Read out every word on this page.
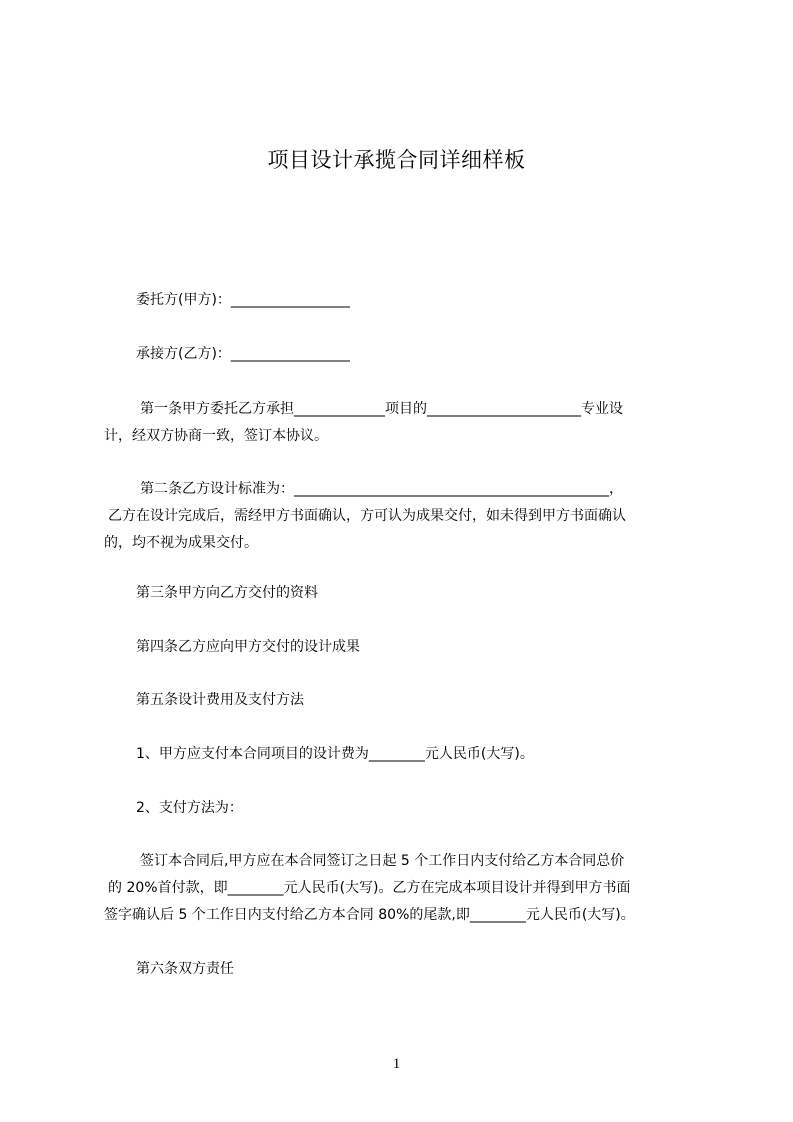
项目设计承揽合同详细样板
委托方(甲方)：_________________
承接方(乙方)：_________________
第一条甲方委托乙方承担_____________项目的______________________专业设
计，经双方协商一致，签订本协议。
第二条乙方设计标准为：_____________________________________________，
乙方在设计完成后，需经甲方书面确认，方可认为成果交付，如未得到甲方书面确认
的，均不视为成果交付。
第三条甲方向乙方交付的资料
第四条乙方应向甲方交付的设计成果
第五条设计费用及支付方法
1、甲方应支付本合同项目的设计费为________元人民币(大写)。
2、支付方法为：
签订本合同后,甲方应在本合同签订之日起 5 个工作日内支付给乙方本合同总价
的 20%首付款，即________元人民币(大写)。乙方在完成本项目设计并得到甲方书面
签字确认后 5 个工作日内支付给乙方本合同 80%的尾款,即________元人民币(大写)。
第六条双方责任
1
